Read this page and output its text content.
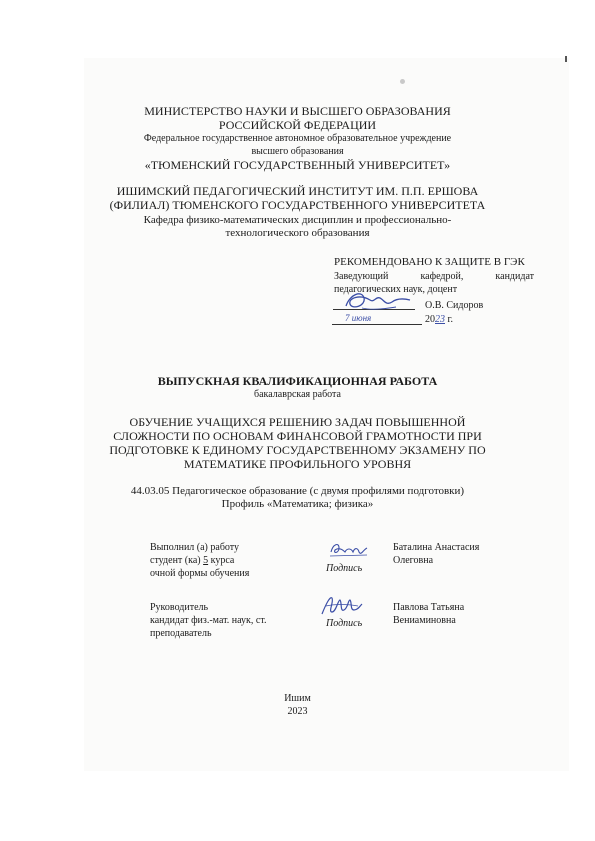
МИНИСТЕРСТВО НАУКИ И ВЫСШЕГО ОБРАЗОВАНИЯ
РОССИЙСКОЙ ФЕДЕРАЦИИ
Федеральное государственное автономное образовательное учреждение
высшего образования
«ТЮМЕНСКИЙ ГОСУДАРСТВЕННЫЙ УНИВЕРСИТЕТ»
ИШИМСКИЙ ПЕДАГОГИЧЕСКИЙ ИНСТИТУТ ИМ. П.П. ЕРШОВА
(ФИЛИАЛ) ТЮМЕНСКОГО ГОСУДАРСТВЕННОГО УНИВЕРСИТЕТА
Кафедра физико-математических дисциплин и профессионально-
технологического образования
РЕКОМЕНДОВАНО К ЗАЩИТЕ В ГЭК
Заведующий	кафедрой,	кандидат
педагогических наук, доцент
О.В. Сидоров
7 июня	2023 г.
ВЫПУСКНАЯ КВАЛИФИКАЦИОННАЯ РАБОТА
бакалаврская работа
ОБУЧЕНИЕ УЧАЩИХСЯ РЕШЕНИЮ ЗАДАЧ ПОВЫШЕННОЙ
СЛОЖНОСТИ ПО ОСНОВАМ ФИНАНСОВОЙ ГРАМОТНОСТИ ПРИ
ПОДГОТОВКЕ К ЕДИНОМУ ГОСУДАРСТВЕННОМУ ЭКЗАМЕНУ ПО
МАТЕМАТИКЕ ПРОФИЛЬНОГО УРОВНЯ
44.03.05 Педагогическое образование (с двумя профилями подготовки)
Профиль «Математика; физика»
Выполнил (а) работу
студент (ка) 5 курса
очной формы обучения	Подпись
Баталина Анастасия
Олеговна
Руководитель
кандидат физ.-мат. наук, ст.
преподаватель
Подпись
Павлова Татьяна
Вениаминовна
Ишим
2023
